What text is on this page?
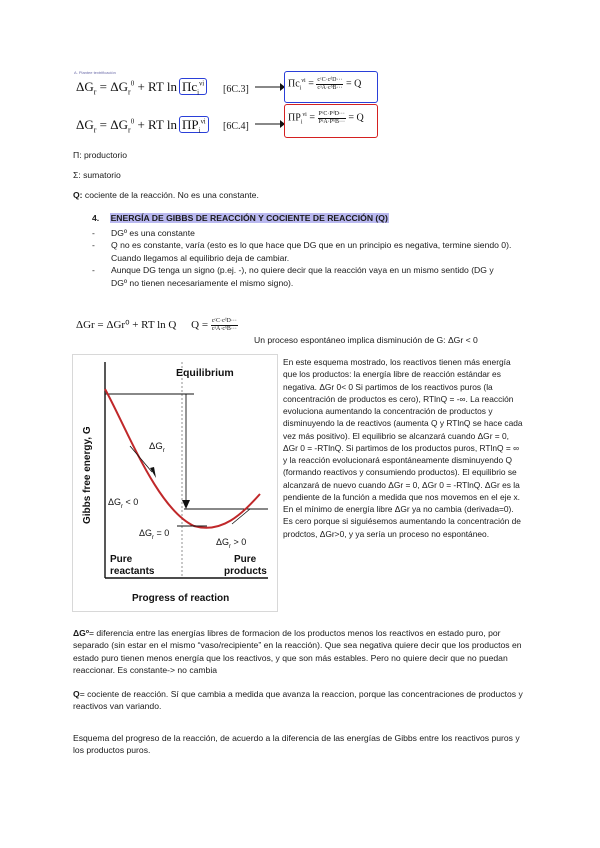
A. Plantee textrificación
$\Delta G_r = \Delta G_r^0$ + RT $\ln \Pi c_i^{\nu i}$
[6C.3]
$\Pi c_i^{\nu i} = \frac{\text{cᶜC·cᵈD···}}{\text{cᵃA·cᵇB···}} = Q$
$\Delta G_r = \Delta G_r^0$ + RT $\ln \Pi P_i^{\nu i}$	[6C.4]
$\Pi P_i^{\nu i} = \frac{\text{PᶜC·PᵈD···}}{\text{PᵃA·PᵇB···}} = Q$
Π: productorio
Σ: sumatorio
Q: cociente de la reacción. No es una constante.
4. ENERGÍA DE GIBBS DE REACCIÓN Y COCIENTE DE REACCIÓN (Q)
-	DGº es una constante
-	Q no es constante, varía (esto es lo que hace que DG que en un principio es negativa, termine siendo 0). Cuando llegamos al equilibrio deja de cambiar.
-	Aunque DG tenga un signo (p.ej. -), no quiere decir que la reacción vaya en un mismo sentido (DG y DGº no tienen necesariamente el mismo signo).
ΔGr = ΔGr⁰ + RT ln Q $Q = \frac{\text{cᶜC·cᵈD···}}{\text{cᵃA·cᵇB···}}$
Un proceso espontáneo implica disminución de G: ΔGr < 0
Equilibrium
Gibbs free energy, G
Progress of reaction
$\Delta G_r$
$\Delta G_r < 0$
$\Delta G_r = 0$
$\Delta G_r > 0$
Pure
reactants
Pure
products
En este esquema mostrado, los reactivos tienen más energía que los productos: la energía libre de reacción estándar es negativa. ΔGr 0< 0 Si partimos de los reactivos puros (la concentración de productos es cero), RTlnQ = -∞. La reacción evoluciona aumentando la concentración de productos y disminuyendo la de reactivos (aumenta Q y RTlnQ se hace cada vez más positivo). El equilibrio se alcanzará cuando ΔGr = 0, ΔGr 0 = -RTlnQ. Si partimos de los productos puros, RTlnQ = ∞ y la reacción evolucionará espontáneamente disminuyendo Q (formando reactivos y consumiendo productos). El equilibrio se alcanzará de nuevo cuando ΔGr = 0, ΔGr 0 = -RTlnQ. ΔGr es la pendiente de la función a medida que nos movemos en el eje x. En el mínimo de energía libre ΔGr ya no cambia (derivada=0). Es cero porque si siguiésemos aumentando la concentración de prodctos, ΔGr>0, y ya sería un proceso no espontáneo.
ΔGº= diferencia entre las energías libres de formacion de los productos menos los reactivos en estado puro, por separado (sin estar en el mismo “vaso/recipiente” en la reacción). Que sea negativa quiere decir que los productos en estado puro tienen menos energía que los reactivos, y que son más estables. Pero no quiere decir que no puedan reaccionar. Es constante-> no cambia
Q= cociente de reacción. Sí que cambia a medida que avanza la reaccion, porque las concentraciones de productos y reactivos van variando.
Esquema del progreso de la reacción, de acuerdo a la diferencia de las energías de Gibbs entre los reactivos puros y los productos puros.
